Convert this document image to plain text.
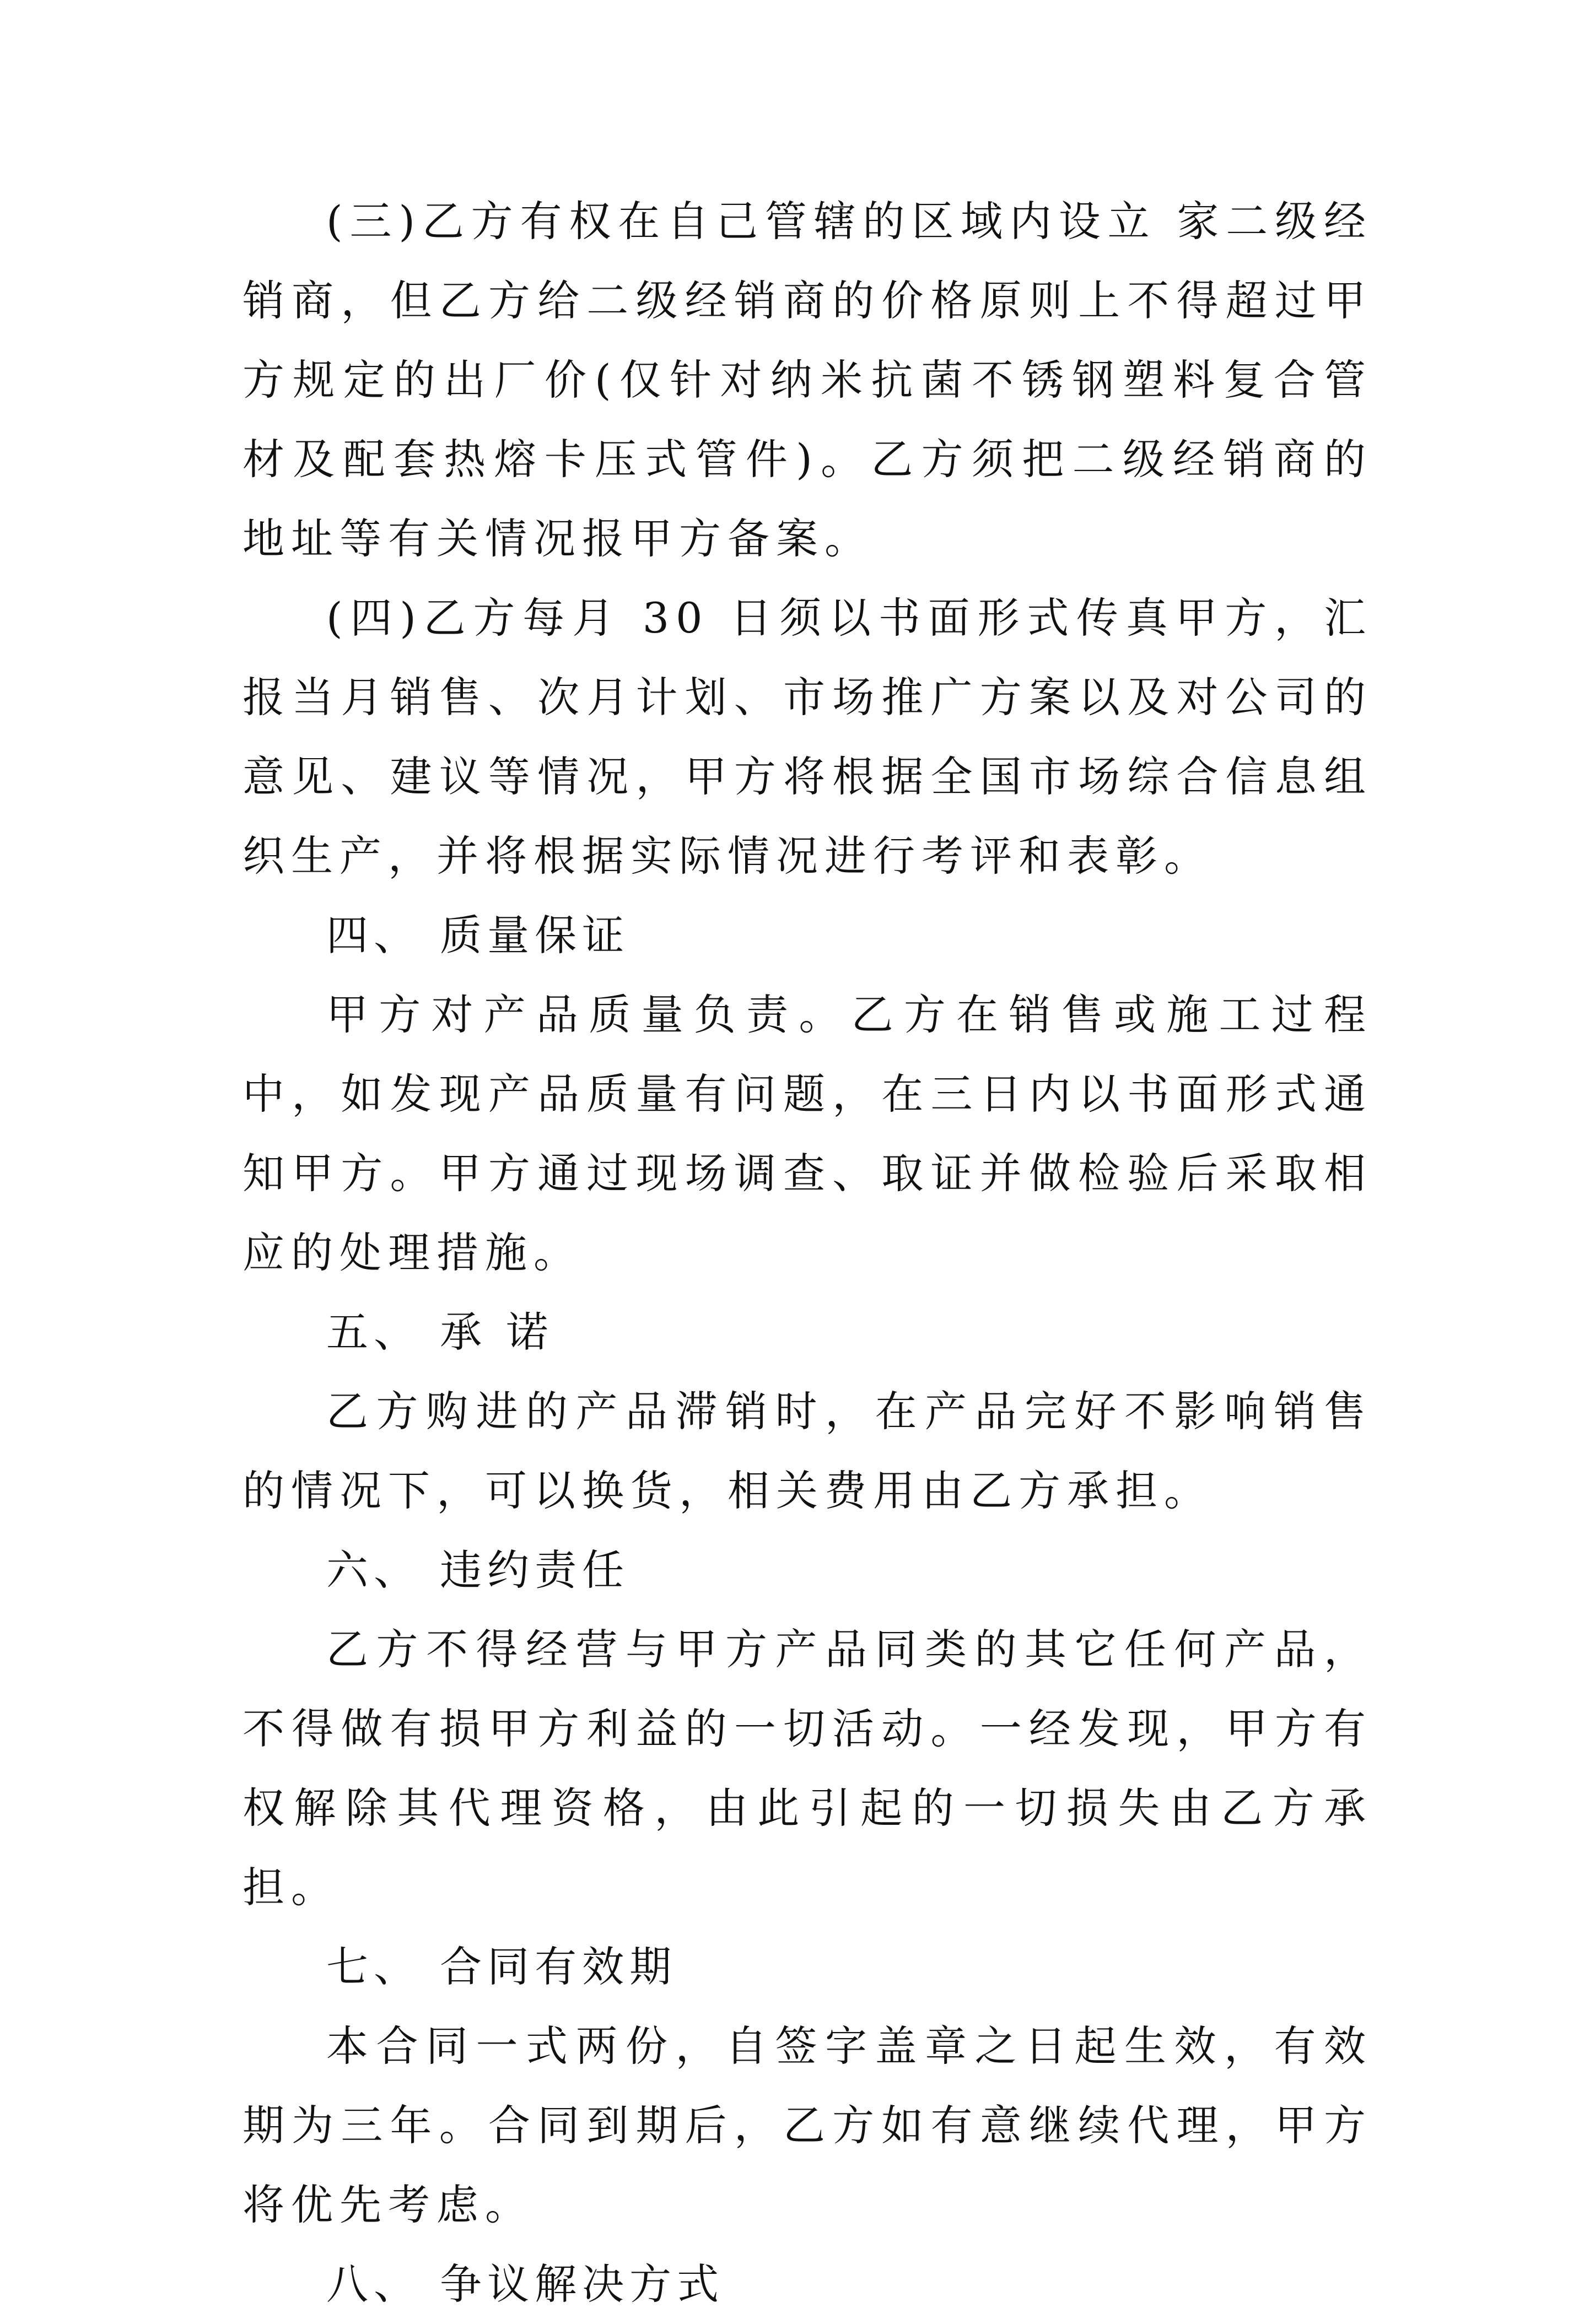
(三)乙方有权在自己管辖的区域内设立 家二级经销商，但乙方给二级经销商的价格原则上不得超过甲方规定的出厂价(仅针对纳米抗菌不锈钢塑料复合管材及配套热熔卡压式管件)。乙方须把二级经销商的地址等有关情况报甲方备案。

(四)乙方每月 30 日须以书面形式传真甲方，汇报当月销售、次月计划、市场推广方案以及对公司的意见、建议等情况，甲方将根据全国市场综合信息组织生产，并将根据实际情况进行考评和表彰。

四、 质量保证

甲方对产品质量负责。乙方在销售或施工过程中，如发现产品质量有问题，在三日内以书面形式通知甲方。甲方通过现场调查、取证并做检验后采取相应的处理措施。

五、 承 诺

乙方购进的产品滞销时，在产品完好不影响销售的情况下，可以换货，相关费用由乙方承担。

六、 违约责任

乙方不得经营与甲方产品同类的其它任何产品，不得做有损甲方利益的一切活动。一经发现，甲方有权解除其代理资格，由此引起的一切损失由乙方承担。

七、 合同有效期

本合同一式两份，自签字盖章之日起生效，有效期为三年。合同到期后，乙方如有意继续代理，甲方将优先考虑。

八、 争议解决方式
